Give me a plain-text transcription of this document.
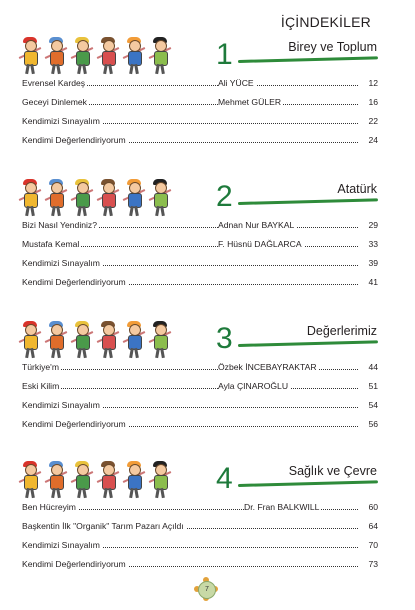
İÇİNDEKİLER
1	Birey ve Toplum
Evrensel Kardeş	Ali YÜCE	12
Geceyi Dinlemek	Mehmet GÜLER	16
Kendimizi Sınayalım	22
Kendimi Değerlendiriyorum	24
2	Atatürk
Bizi Nasıl Yendiniz?	Adnan Nur BAYKAL	29
Mustafa Kemal	F. Hüsnü DAĞLARCA	33
Kendimizi Sınayalım	39
Kendimi Değerlendiriyorum	41
3	Değerlerimiz
Türkiye'm	Özbek İNCEBAYRAKTAR	44
Eski Kilim	Ayla ÇINAROĞLU	51
Kendimizi Sınayalım	54
Kendimi Değerlendiriyorum	56
4	Sağlık ve Çevre
Ben Hücreyim	Dr. Fran BALKWILL	60
Başkentin İlk "Organik" Tarım Pazarı Açıldı	64
Kendimizi Sınayalım	70
Kendimi Değerlendiriyorum	73
7
